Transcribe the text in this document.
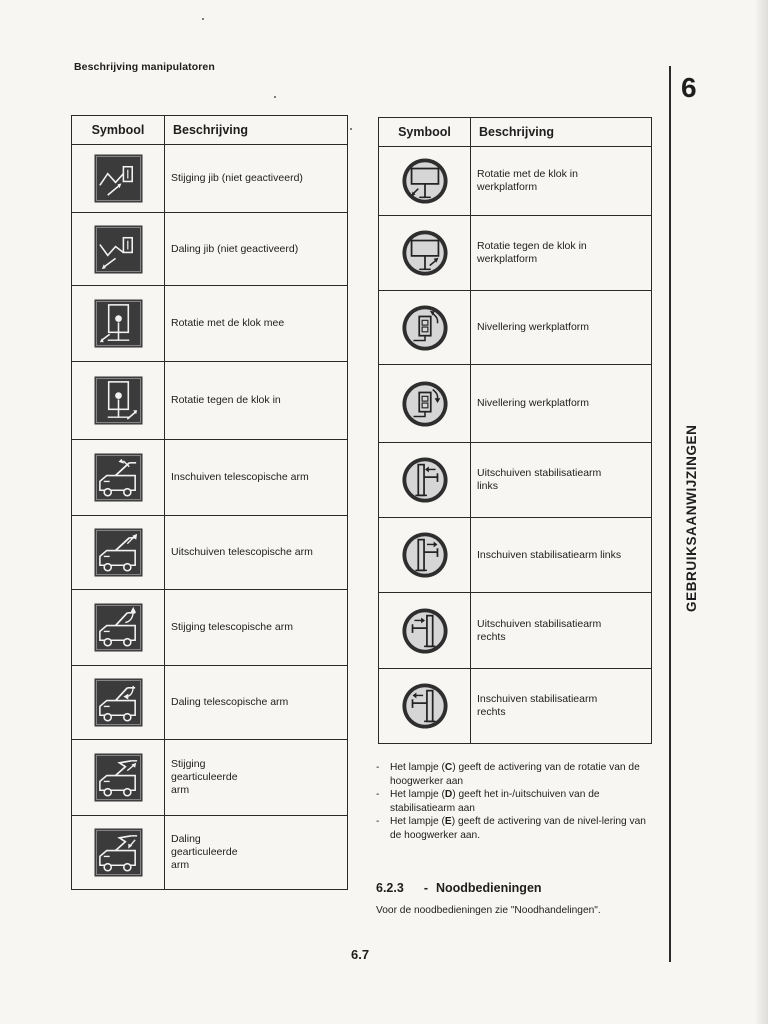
Beschrijving manipulatoren
6
GEBRUIKSAANWIJZINGEN
Symbool	Beschrijving
	Stijging jib (niet geactiveerd)
	Daling jib (niet geactiveerd)
	Rotatie met de klok mee
	Rotatie tegen de klok in
	Inschuiven telescopische arm
	Uitschuiven telescopische arm
	Stijging telescopische arm
	Daling telescopische arm
	Stijging
gearticuleerde
arm
	Daling
gearticuleerde
arm
Symbool	Beschrijving
	Rotatie met de klok in
werkplatform
	Rotatie tegen de klok in
werkplatform
	Nivellering werkplatform
	Nivellering werkplatform
	Uitschuiven stabilisatiearm
links
	Inschuiven stabilisatiearm links
	Uitschuiven stabilisatiearm
rechts
	Inschuiven stabilisatiearm
rechts
- Het lampje (C) geeft de activering van de rotatie van de hoogwerker aan
- Het lampje (D) geeft het in-/uitschuiven van de stabilisatiearm aan
- Het lampje (E) geeft de activering van de nivel-lering van de hoogwerker aan.
6.2.3 - Noodbedieningen
Voor de noodbedieningen zie "Noodhandelingen".
6.7
